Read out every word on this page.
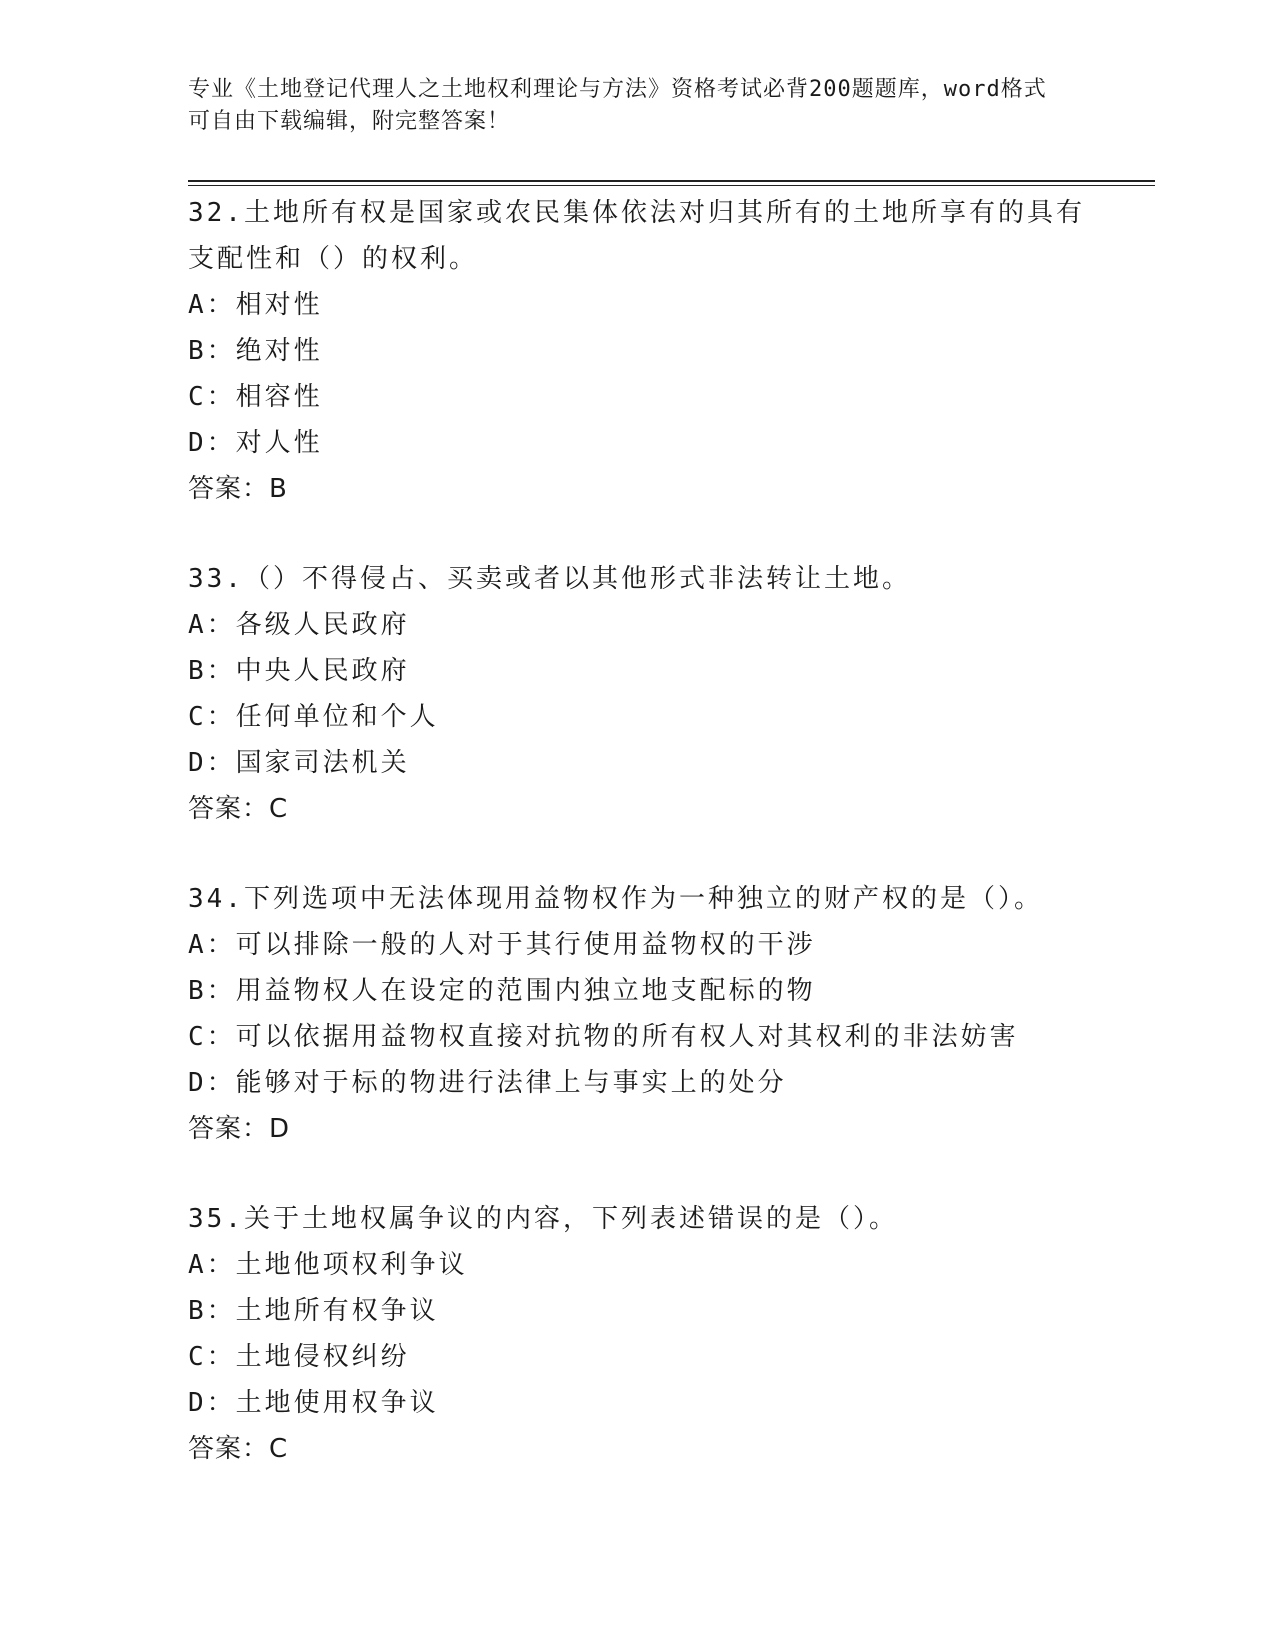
专业《土地登记代理人之土地权利理论与方法》资格考试必背200题题库，word格式可自由下载编辑，附完整答案！

32.土地所有权是国家或农民集体依法对归其所有的土地所享有的具有支配性和（）的权利。

A：相对性

B：绝对性

C：相容性

D：对人性

答案：B

33.（）不得侵占、买卖或者以其他形式非法转让土地。

A：各级人民政府

B：中央人民政府

C：任何单位和个人

D：国家司法机关

答案：C

34.下列选项中无法体现用益物权作为一种独立的财产权的是（）。

A：可以排除一般的人对于其行使用益物权的干涉

B：用益物权人在设定的范围内独立地支配标的物

C：可以依据用益物权直接对抗物的所有权人对其权利的非法妨害

D：能够对于标的物进行法律上与事实上的处分

答案：D

35.关于土地权属争议的内容，下列表述错误的是（）。

A：土地他项权利争议

B：土地所有权争议

C：土地侵权纠纷

D：土地使用权争议

答案：C
